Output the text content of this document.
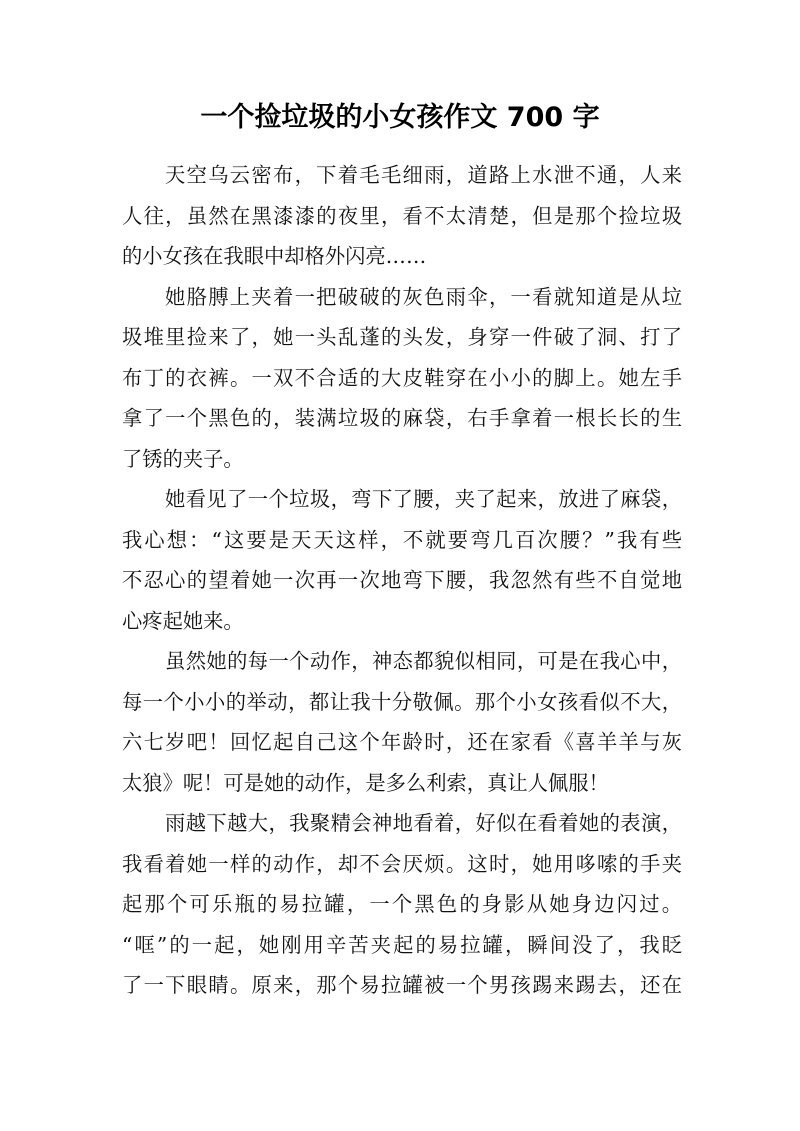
一个捡垃圾的小女孩作文 700 字
天空乌云密布，下着毛毛细雨，道路上水泄不通，人来
人往，虽然在黑漆漆的夜里，看不太清楚，但是那个捡垃圾
的小女孩在我眼中却格外闪亮……
她胳膊上夹着一把破破的灰色雨伞，一看就知道是从垃
圾堆里捡来了，她一头乱蓬的头发，身穿一件破了洞、打了
布丁的衣裤。一双不合适的大皮鞋穿在小小的脚上。她左手
拿了一个黑色的，装满垃圾的麻袋，右手拿着一根长长的生
了锈的夹子。
她看见了一个垃圾，弯下了腰，夹了起来，放进了麻袋，
我心想：“这要是天天这样，不就要弯几百次腰？”我有些
不忍心的望着她一次再一次地弯下腰，我忽然有些不自觉地
心疼起她来。
虽然她的每一个动作，神态都貌似相同，可是在我心中，
每一个小小的举动，都让我十分敬佩。那个小女孩看似不大，
六七岁吧！回忆起自己这个年龄时，还在家看《喜羊羊与灰
太狼》呢！可是她的动作，是多么利索，真让人佩服！
雨越下越大，我聚精会神地看着，好似在看着她的表演，
我看着她一样的动作，却不会厌烦。这时，她用哆嗦的手夹
起那个可乐瓶的易拉罐，一个黑色的身影从她身边闪过。
“哐”的一起，她刚用辛苦夹起的易拉罐，瞬间没了，我眨
了一下眼睛。原来，那个易拉罐被一个男孩踢来踢去，还在
